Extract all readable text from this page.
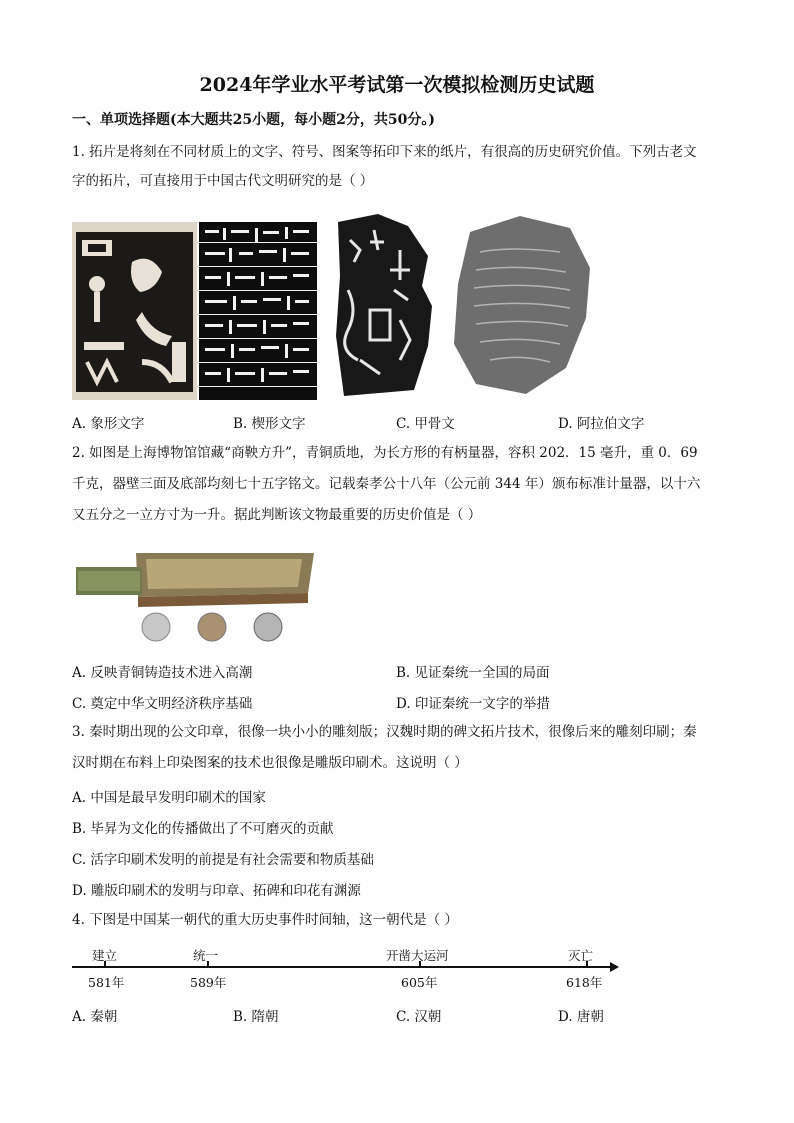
2024年学业水平考试第一次模拟检测历史试题
一、单项选择题(本大题共25小题，每小题2分，共50分。)
1. 拓片是将刻在不同材质上的文字、符号、图案等拓印下来的纸片，有很高的历史研究价值。下列古老文
字的拓片，可直接用于中国古代文明研究的是（ ）
A. 象形文字	B. 楔形文字	C. 甲骨文	D. 阿拉伯文字
2. 如图是上海博物馆馆藏“商鞅方升”，青铜质地，为长方形的有柄量器，容积 202．15 毫升，重 0．69
千克，器壁三面及底部均刻七十五字铭文。记载秦孝公十八年（公元前 344 年）颁布标准计量器，以十六
又五分之一立方寸为一升。据此判断该文物最重要的历史价值是（ ）
A. 反映青铜铸造技术进入高潮	B. 见证秦统一全国的局面
C. 奠定中华文明经济秩序基础	D. 印证秦统一文字的举措
3. 秦时期出现的公文印章，很像一块小小的雕刻版；汉魏时期的碑文拓片技术，很像后来的雕刻印刷；秦
汉时期在布料上印染图案的技术也很像是雕版印刷术。这说明（ ）
A. 中国是最早发明印刷术的国家
B. 毕昇为文化的传播做出了不可磨灭的贡献
C. 活字印刷术发明的前提是有社会需要和物质基础
D. 雕版印刷术的发明与印章、拓碑和印花有渊源
4. 下图是中国某一朝代的重大历史事件时间轴，这一朝代是（ ）
建立
581年
统一
589年
开凿大运河
605年
灭亡
618年
A. 秦朝	B. 隋朝	C. 汉朝	D. 唐朝
